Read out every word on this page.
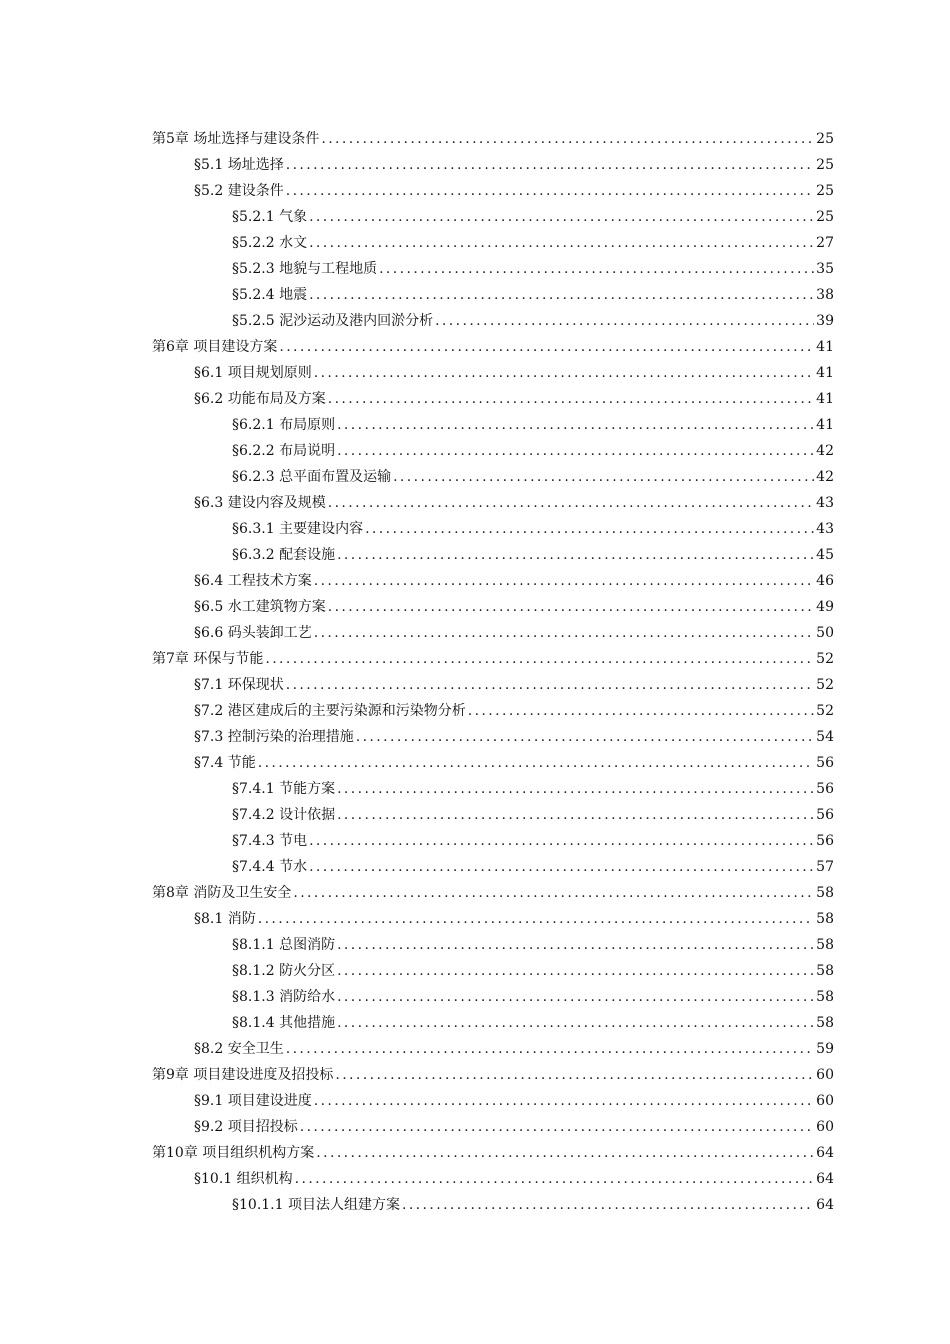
第5章 场址选择与建设条件 .....	25
§5.1 场址选择 .....	25
§5.2 建设条件 .....	25
§5.2.1 气象 .....	25
§5.2.2 水文 .....	27
§5.2.3 地貌与工程地质 .....	35
§5.2.4 地震 .....	38
§5.2.5 泥沙运动及港内回淤分析 .....	39
第6章 项目建设方案 .....	41
§6.1 项目规划原则 .....	41
§6.2 功能布局及方案 .....	41
§6.2.1 布局原则 .....	41
§6.2.2 布局说明 .....	42
§6.2.3 总平面布置及运输 .....	42
§6.3 建设内容及规模 .....	43
§6.3.1 主要建设内容 .....	43
§6.3.2 配套设施 .....	45
§6.4 工程技术方案 .....	46
§6.5 水工建筑物方案 .....	49
§6.6 码头装卸工艺 .....	50
第7章 环保与节能 .....	52
§7.1 环保现状 .....	52
§7.2 港区建成后的主要污染源和污染物分析 .....	52
§7.3 控制污染的治理措施 .....	54
§7.4 节能 .....	56
§7.4.1 节能方案 .....	56
§7.4.2 设计依据 .....	56
§7.4.3 节电 .....	56
§7.4.4 节水 .....	57
第8章 消防及卫生安全 .....	58
§8.1 消防 .....	58
§8.1.1 总图消防 .....	58
§8.1.2 防火分区 .....	58
§8.1.3 消防给水 .....	58
§8.1.4 其他措施 .....	58
§8.2 安全卫生 .....	59
第9章 项目建设进度及招投标 .....	60
§9.1 项目建设进度 .....	60
§9.2 项目招投标 .....	60
第10章 项目组织机构方案 .....	64
§10.1 组织机构 .....	64
§10.1.1 项目法人组建方案 .....	64
